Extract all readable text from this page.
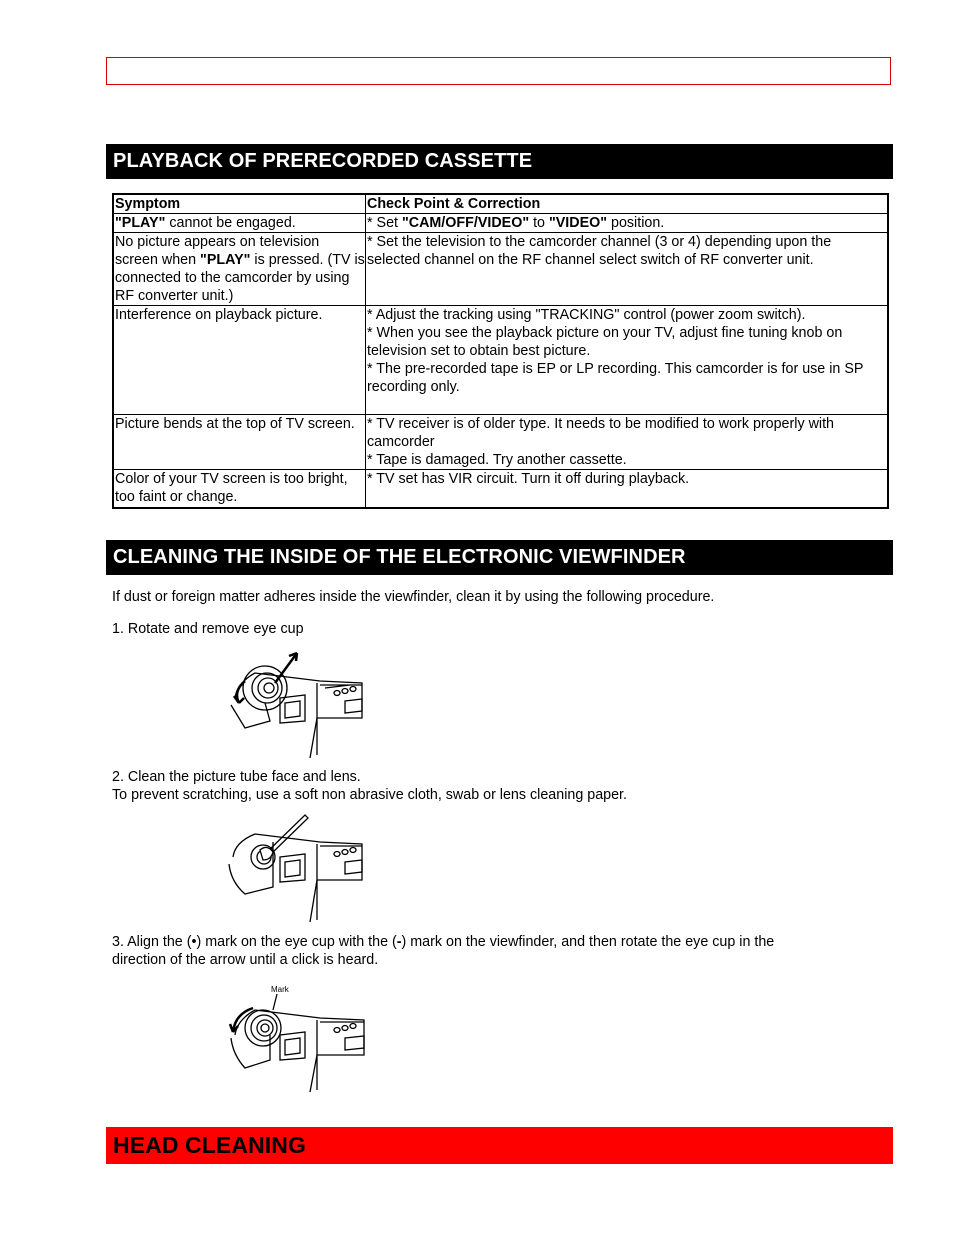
PLAYBACK OF PRERECORDED CASSETTE
Symptom	Check Point & Correction
"PLAY" cannot be engaged.	* Set "CAM/OFF/VIDEO" to "VIDEO" position.
No picture appears on television screen when "PLAY" is pressed. (TV is connected to the camcorder by using RF converter unit.)	* Set the television to the camcorder channel (3 or 4) depending upon the selected channel on the RF channel select switch of RF converter unit.
Interference on playback picture.	* Adjust the tracking using "TRACKING" control (power zoom switch).
* When you see the playback picture on your TV, adjust fine tuning knob on television set to obtain best picture.
* The pre-recorded tape is EP or LP recording. This camcorder is for use in SP recording only.

Picture bends at the top of TV screen.	* TV receiver is of older type. It needs to be modified to work properly with camcorder
* Tape is damaged. Try another cassette.

Color of your TV screen is too bright, too faint or change.	* TV set has VIR circuit. Turn it off during playback.
CLEANING THE INSIDE OF THE ELECTRONIC VIEWFINDER
If dust or foreign matter adheres inside the viewfinder, clean it by using the following procedure.
1. Rotate and remove eye cup
2. Clean the picture tube face and lens.
To prevent scratching, use a soft non abrasive cloth, swab or lens cleaning paper.
3. Align the (•) mark on the eye cup with the (-) mark on the viewfinder, and then rotate the eye cup in the
direction of the arrow until a click is heard.
Mark
HEAD CLEANING
